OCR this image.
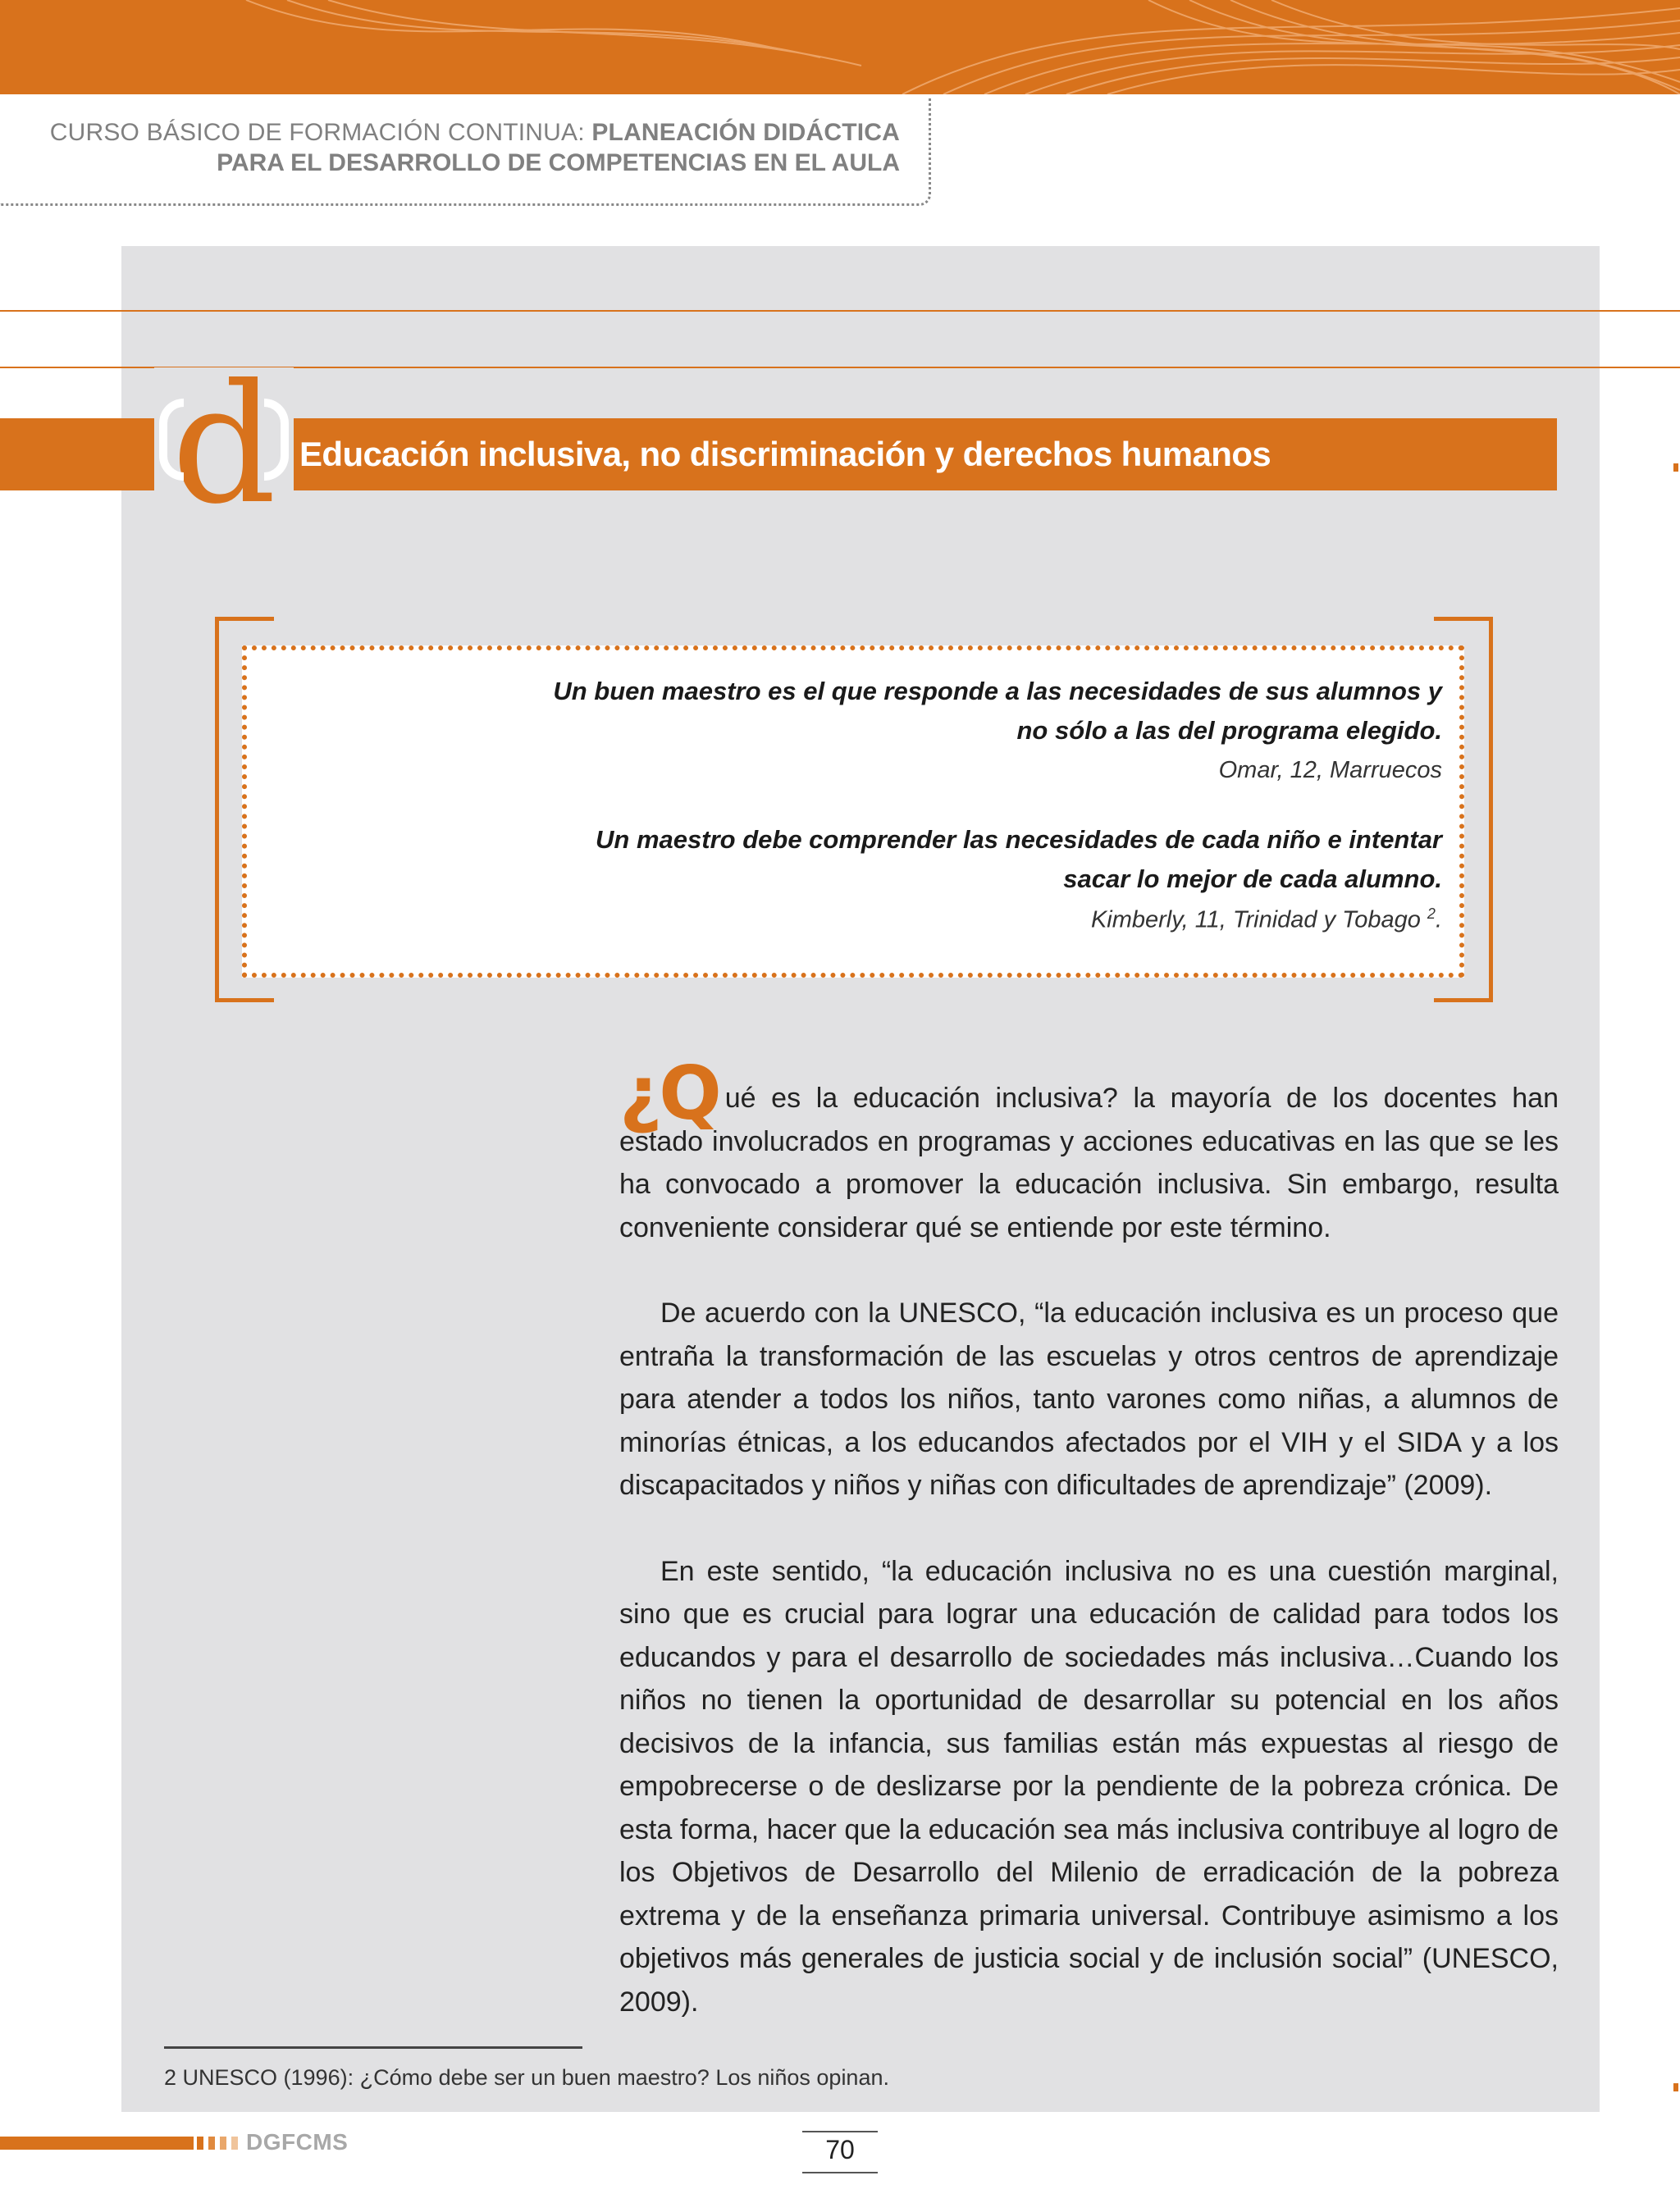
CURSO BÁSICO DE FORMACIÓN CONTINUA: PLANEACIÓN DIDÁCTICA
PARA EL DESARROLLO DE COMPETENCIAS EN EL AULA
d Educación inclusiva, no discriminación y derechos humanos
Un buen maestro es el que responde a las necesidades de sus alumnos y
no sólo a las del programa elegido.
Omar, 12, Marruecos
Un maestro debe comprender las necesidades de cada niño e intentar
sacar lo mejor de cada alumno.
Kimberly, 11, Trinidad y Tobago $^2$.

¿Q ué es la educación inclusiva? la mayoría de los docentes han estado involucrados en programas y acciones educativas en las que se les ha convocado a promover la educación inclusiva. Sin embargo, resulta conveniente considerar qué se entiende por este término.

De acuerdo con la UNESCO, “la educación inclusiva es un proceso que entraña la transformación de las escuelas y otros centros de aprendizaje para atender a todos los niños, tanto varones como niñas, a alumnos de minorías étnicas, a los educandos afectados por el VIH y el SIDA y a los discapacitados y niños y niñas con dificultades de aprendizaje” (2009).

En este sentido, “la educación inclusiva no es una cuestión marginal, sino que es crucial para lograr una educación de calidad para todos los educandos y para el desarrollo de sociedades más inclusiva…Cuando los niños no tienen la oportunidad de desarrollar su potencial en los años decisivos de la infancia, sus familias están más expuestas al riesgo de empobrecerse o de deslizarse por la pendiente de la pobreza crónica. De esta forma, hacer que la educación sea más inclusiva contribuye al logro de los Objetivos de Desarrollo del Milenio de erradicación de la pobreza extrema y de la enseñanza primaria universal. Contribuye asimismo a los objetivos más generales de justicia social y de inclusión social” (UNESCO, 2009).

2 UNESCO (1996): ¿Cómo debe ser un buen maestro? Los niños opinan.
DGFCMS	70
